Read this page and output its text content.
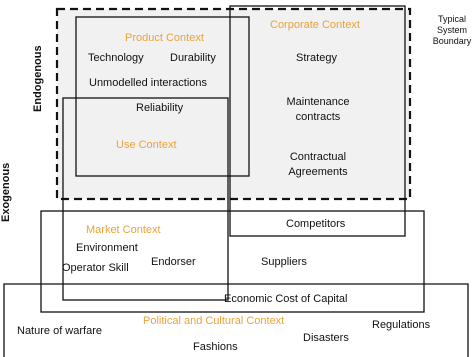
Endogenous
Exogenous
Typical
System
Boundary
Product Context
Corporate Context
Use Context
Market Context
Political and Cultural Context
Technology Durability
Unmodelled interactions
Reliability
Strategy
Maintenance
contracts
Contractual
Agreements
Competitors
Environment
Operator Skill Endorser	Suppliers
Economic Cost of Capital
Nature of warfare
Disasters
Regulations
Fashions
